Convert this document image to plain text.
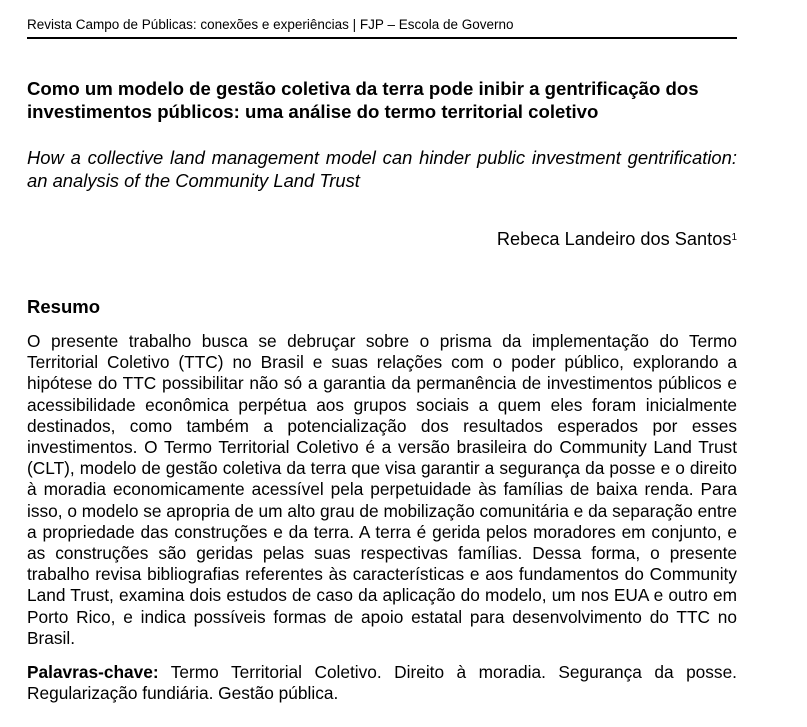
Revista Campo de Públicas: conexões e experiências | FJP – Escola de Governo
Como um modelo de gestão coletiva da terra pode inibir a gentrificação dos investimentos públicos: uma análise do termo territorial coletivo
How a collective land management model can hinder public investment gentrification: an analysis of the Community Land Trust
Rebeca Landeiro dos Santos$^1$
Resumo
O presente trabalho busca se debruçar sobre o prisma da implementação do Termo Territorial Coletivo (TTC) no Brasil e suas relações com o poder público, explorando a hipótese do TTC possibilitar não só a garantia da permanência de investimentos públicos e acessibilidade econômica perpétua aos grupos sociais a quem eles foram inicialmente destinados, como também a potencialização dos resultados esperados por esses investimentos. O Termo Territorial Coletivo é a versão brasileira do Community Land Trust (CLT), modelo de gestão coletiva da terra que visa garantir a segurança da posse e o direito à moradia economicamente acessível pela perpetuidade às famílias de baixa renda. Para isso, o modelo se apropria de um alto grau de mobilização comunitária e da separação entre a propriedade das construções e da terra. A terra é gerida pelos moradores em conjunto, e as construções são geridas pelas suas respectivas famílias. Dessa forma, o presente trabalho revisa bibliografias referentes às características e aos fundamentos do Community Land Trust, examina dois estudos de caso da aplicação do modelo, um nos EUA e outro em Porto Rico, e indica possíveis formas de apoio estatal para desenvolvimento do TTC no Brasil.
Palavras-chave: Termo Territorial Coletivo. Direito à moradia. Segurança da posse. Regularização fundiária. Gestão pública.
